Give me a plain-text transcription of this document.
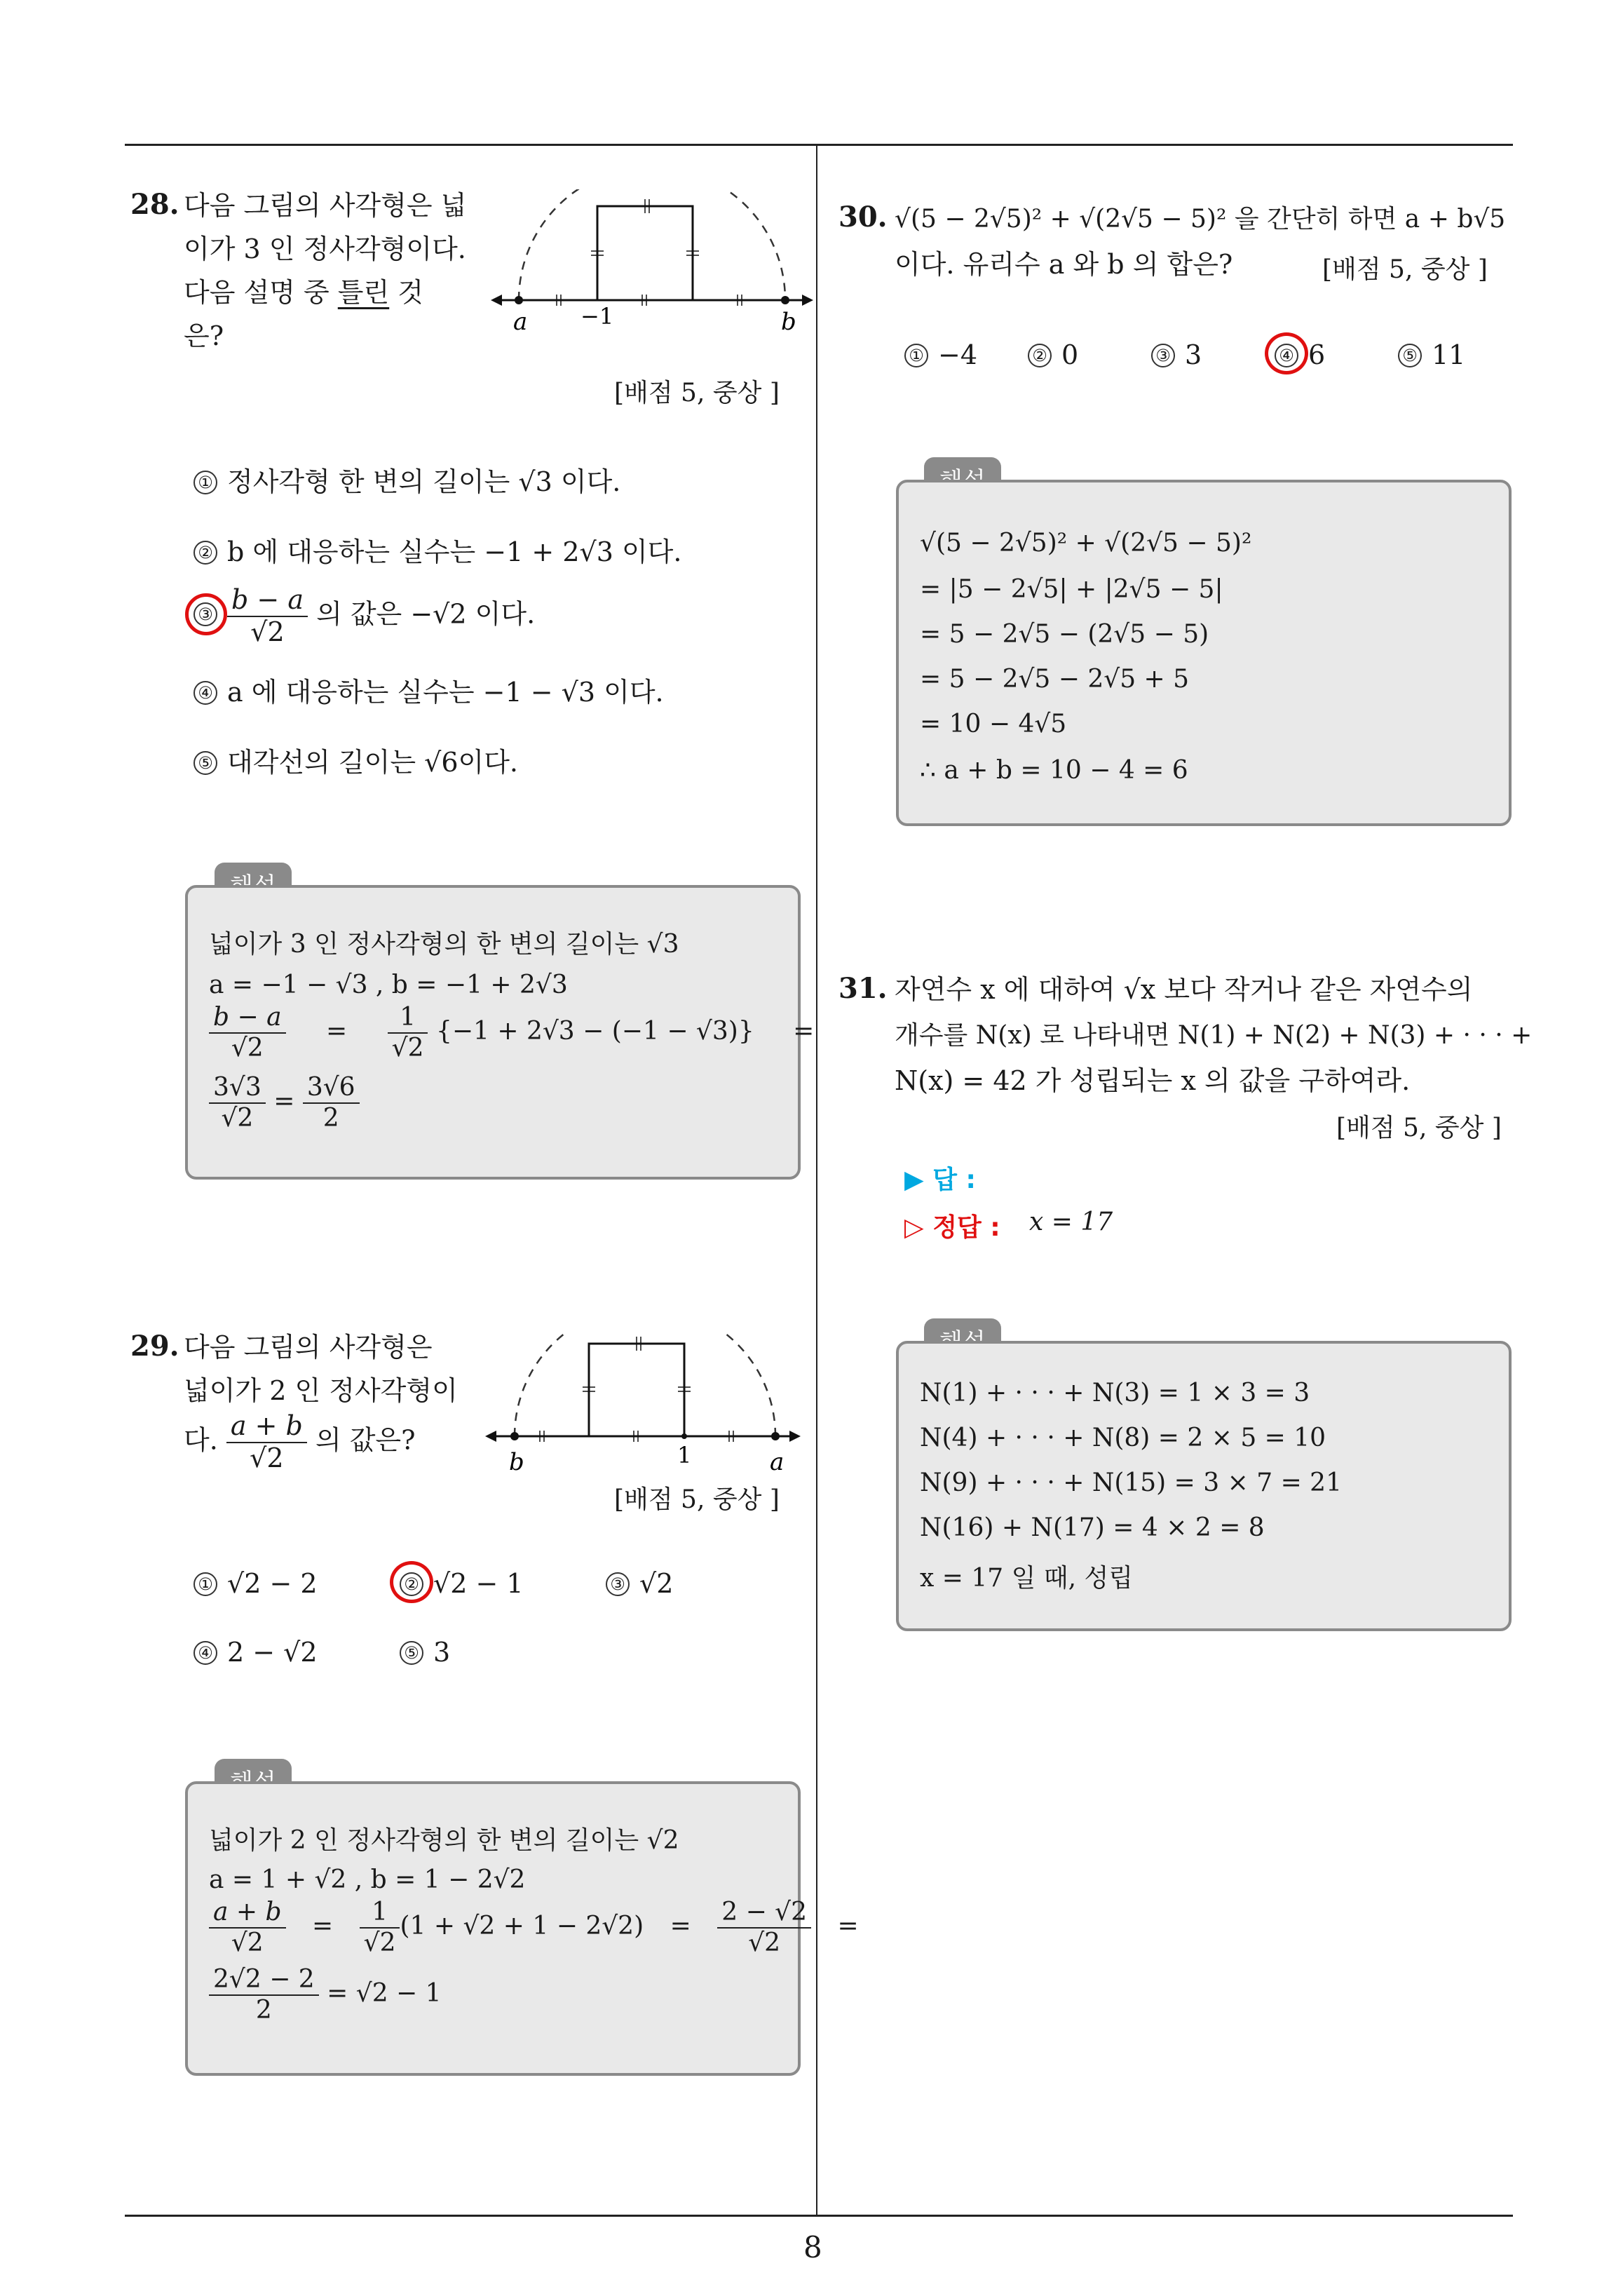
8
28. 다음 그림의 사각형은 넓
이가 3 인 정사각형이다.
다음 설명 중 틀린 것
은?	a −1	b
[배점 5, 중상 ]
① 정사각형 한 변의 길이는 √3 이다.
② b 에 대응하는 실수는 −1 + 2√3 이다.
③ $\frac{b - a}{√2}$ 의 값은 −√2 이다.
④ a 에 대응하는 실수는 −1 − √3 이다.
⑤ 대각선의 길이는 √6이다.
넓이가 3 인 정사각형의 한 변의 길이는 √3
a = −1 − √3 , b = −1 + 2√3
$\frac{b - a}{√2} = \frac{1}{√2} \{-1 + 2√3 - (-1 - √3)\}$ =
$\frac{3√3}{√2} = \frac{3√6}{2}$
29. 다음 그림의 사각형은
넓이가 2 인 정사각형이
다. $\frac{a + b}{√2}$ 의 값은?
b	1	a
[배점 5, 중상 ]
① √2 − 2	② √2 − 1	③ √2
④ 2 − √2	⑤ 3
넓이가 2 인 정사각형의 한 변의 길이는 √2
a = 1 + √2 , b = 1 − 2√2
$\frac{a + b}{√2} = \frac{1}{√2} (1 + √2 + 1 - 2√2) = \frac{2 - √2}{√2}$ =
$\frac{2√2 - 2}{2} = √2 - 1$
30. √(5 − 2√5)² + √(2√5 − 5)² 을 간단히 하면 a + b√5
이다. 유리수 a 와 b 의 합은?	[배점 5, 중상 ]
① −4	② 0	③ 3	④ 6	⑤ 11
√(5 − 2√5)² + √(2√5 − 5)²
= |5 − 2√5| + |2√5 − 5|
= 5 − 2√5 − (2√5 − 5)
= 5 − 2√5 − 2√5 + 5
= 10 − 4√5
∴ a + b = 10 − 4 = 6
31. 자연수 x 에 대하여 √x 보다 작거나 같은 자연수의
개수를 N(x) 로 나타내면 N(1) + N(2) + N(3) + · · · +
N(x) = 42 가 성립되는 x 의 값을 구하여라.
[배점 5, 중상 ]
▶ 답 :
▷ 정답 : x = 17
N(1) + · · · + N(3) = 1 × 3 = 3
N(4) + · · · + N(8) = 2 × 5 = 10
N(9) + · · · + N(15) = 3 × 7 = 21
N(16) + N(17) = 4 × 2 = 8
x = 17 일 때, 성립
